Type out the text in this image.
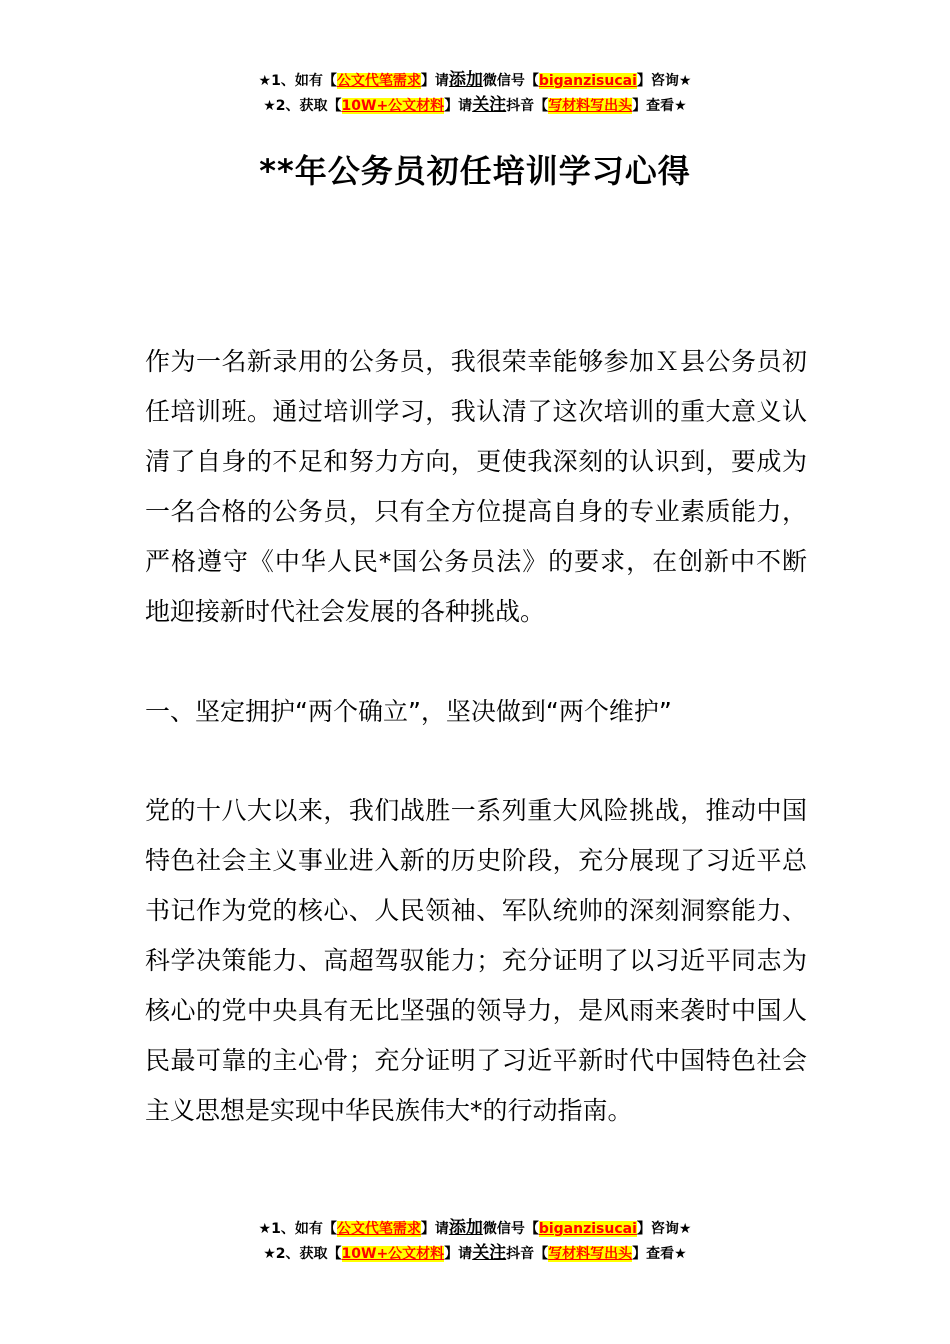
★1、如有【公文代笔需求】请添加微信号【biganzisucai】咨询★
★2、获取【10W+公文材料】请关注抖音【写材料写出头】查看★
**年公务员初任培训学习心得
作为一名新录用的公务员，我很荣幸能够参加Ｘ县公务员初任培训班。通过培训学习，我认清了这次培训的重大意义认清了自身的不足和努力方向，更使我深刻的认识到，要成为一名合格的公务员，只有全方位提高自身的专业素质能力，严格遵守《中华人民*国公务员法》的要求，在创新中不断地迎接新时代社会发展的各种挑战。
一、坚定拥护“两个确立”，坚决做到“两个维护”
党的十八大以来，我们战胜一系列重大风险挑战，推动中国特色社会主义事业进入新的历史阶段，充分展现了习近平总书记作为党的核心、人民领袖、军队统帅的深刻洞察能力、科学决策能力、高超驾驭能力；充分证明了以习近平同志为核心的党中央具有无比坚强的领导力，是风雨来袭时中国人民最可靠的主心骨；充分证明了习近平新时代中国特色社会主义思想是实现中华民族伟大*的行动指南。
★1、如有【公文代笔需求】请添加微信号【biganzisucai】咨询★
★2、获取【10W+公文材料】请关注抖音【写材料写出头】查看★
